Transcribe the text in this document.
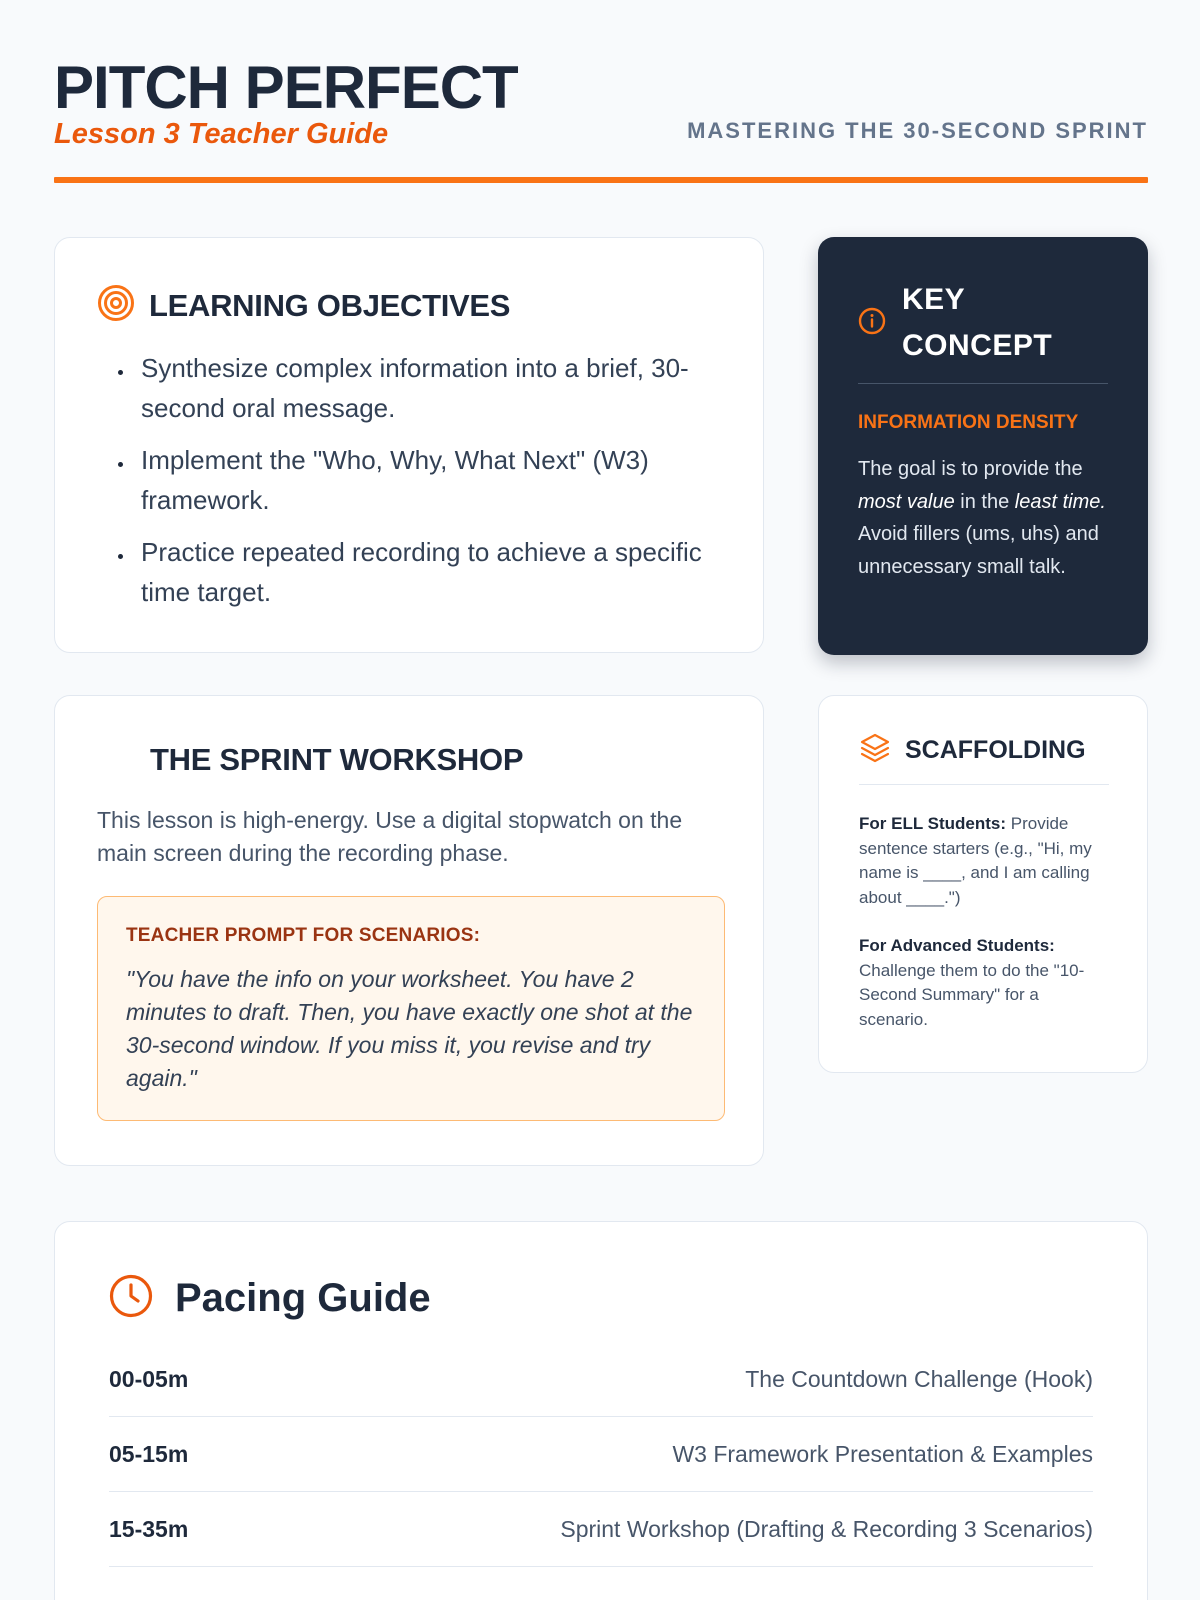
PITCH PERFECT
Lesson 3 Teacher Guide	MASTERING THE 30-SECOND SPRINT
LEARNING OBJECTIVES
• Synthesize complex information into a brief, 30-second oral message.
• Implement the "Who, Why, What Next" (W3) framework.
• Practice repeated recording to achieve a specific time target.
KEY
CONCEPT
INFORMATION DENSITY
The goal is to provide the most value in the least time. Avoid fillers (ums, uhs) and unnecessary small talk.
THE SPRINT WORKSHOP
This lesson is high-energy. Use a digital stopwatch on the main screen during the recording phase.
TEACHER PROMPT FOR SCENARIOS:
"You have the info on your worksheet. You have 2 minutes to draft. Then, you have exactly one shot at the 30-second window. If you miss it, you revise and try again."
SCAFFOLDING
For ELL Students: Provide sentence starters (e.g., "Hi, my name is ____, and I am calling about ____.")
For Advanced Students: Challenge them to do the "10-Second Summary" for a scenario.
Pacing Guide
00-05m	The Countdown Challenge (Hook)
05-15m	W3 Framework Presentation & Examples
15-35m	Sprint Workshop (Drafting & Recording 3 Scenarios)
